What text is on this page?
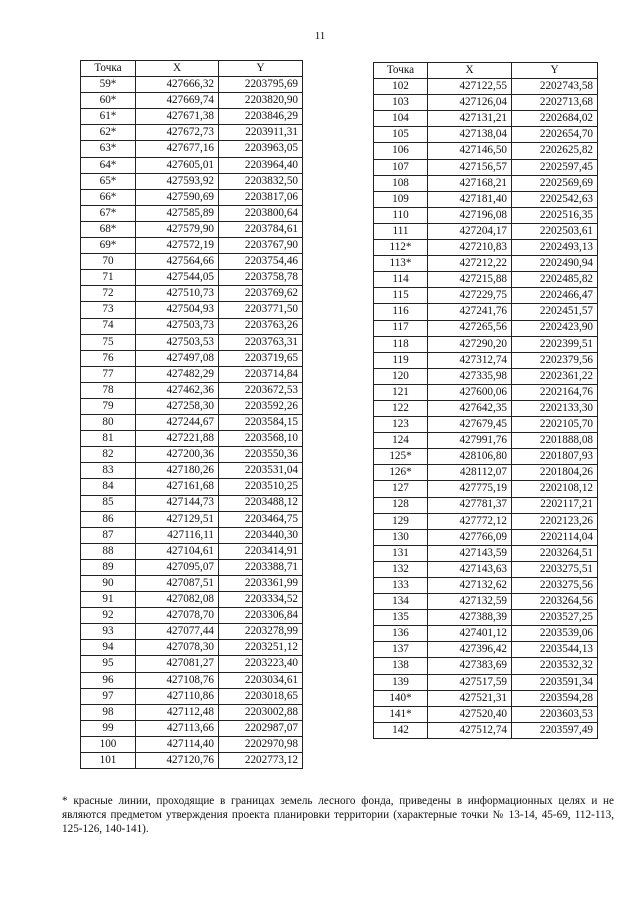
11
Точка	X	Y
59*	427666,32	2203795,69
60*	427669,74	2203820,90
61*	427671,38	2203846,29
62*	427672,73	2203911,31
63*	427677,16	2203963,05
64*	427605,01	2203964,40
65*	427593,92	2203832,50
66*	427590,69	2203817,06
67*	427585,89	2203800,64
68*	427579,90	2203784,61
69*	427572,19	2203767,90
70	427564,66	2203754,46
71	427544,05	2203758,78
72	427510,73	2203769,62
73	427504,93	2203771,50
74	427503,73	2203763,26
75	427503,53	2203763,31
76	427497,08	2203719,65
77	427482,29	2203714,84
78	427462,36	2203672,53
79	427258,30	2203592,26
80	427244,67	2203584,15
81	427221,88	2203568,10
82	427200,36	2203550,36
83	427180,26	2203531,04
84	427161,68	2203510,25
85	427144,73	2203488,12
86	427129,51	2203464,75
87	427116,11	2203440,30
88	427104,61	2203414,91
89	427095,07	2203388,71
90	427087,51	2203361,99
91	427082,08	2203334,52
92	427078,70	2203306,84
93	427077,44	2203278,99
94	427078,30	2203251,12
95	427081,27	2203223,40
96	427108,76	2203034,61
97	427110,86	2203018,65
98	427112,48	2203002,88
99	427113,66	2202987,07
100	427114,40	2202970,98
101	427120,76	2202773,12
Точка	X	Y
102	427122,55	2202743,58
103	427126,04	2202713,68
104	427131,21	2202684,02
105	427138,04	2202654,70
106	427146,50	2202625,82
107	427156,57	2202597,45
108	427168,21	2202569,69
109	427181,40	2202542,63
110	427196,08	2202516,35
111	427204,17	2202503,61
112*	427210,83	2202493,13
113*	427212,22	2202490,94
114	427215,88	2202485,82
115	427229,75	2202466,47
116	427241,76	2202451,57
117	427265,56	2202423,90
118	427290,20	2202399,51
119	427312,74	2202379,56
120	427335,98	2202361,22
121	427600,06	2202164,76
122	427642,35	2202133,30
123	427679,45	2202105,70
124	427991,76	2201888,08
125*	428106,80	2201807,93
126*	428112,07	2201804,26
127	427775,19	2202108,12
128	427781,37	2202117,21
129	427772,12	2202123,26
130	427766,09	2202114,04
131	427143,59	2203264,51
132	427143,63	2203275,51
133	427132,62	2203275,56
134	427132,59	2203264,56
135	427388,39	2203527,25
136	427401,12	2203539,06
137	427396,42	2203544,13
138	427383,69	2203532,32
139	427517,59	2203591,34
140*	427521,31	2203594,28
141*	427520,40	2203603,53
142	427512,74	2203597,49
* красные линии, проходящие в границах земель лесного фонда, приведены в информационных целях и не являются предметом утверждения проекта планировки территории (характерные точки № 13-14, 45-69, 112-113, 125-126, 140-141).
